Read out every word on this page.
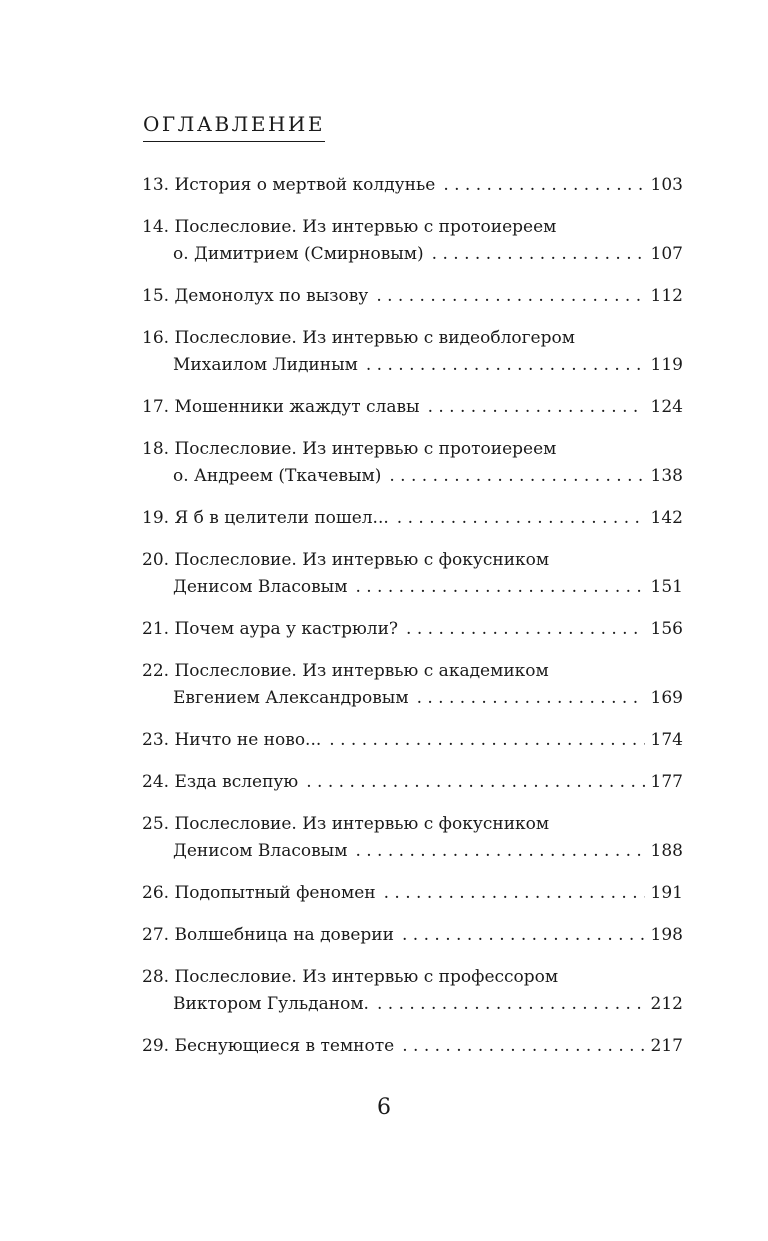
ОГЛАВЛЕНИЕ
13. История о мертвой колдунье . . .	103
14. Послесловие. Из интервью с протоиереем
о. Димитрием (Смирновым) . . .	107
15. Демонолух по вызову . . .	112
16. Послесловие. Из интервью с видеоблогером
Михаилом Лидиным . . .	119
17. Мошенники жаждут славы . . .	124
18. Послесловие. Из интервью с протоиереем
о. Андреем (Ткачевым) . . .	138
19. Я б в целители пошел... . . .	142
20. Послесловие. Из интервью с фокусником
Денисом Власовым . . .	151
21. Почем аура у кастрюли? . . .	156
22. Послесловие. Из интервью с академиком
Евгением Александровым . . .	169
23. Ничто не ново... . . .	174
24. Езда вслепую . . .	177
25. Послесловие. Из интервью с фокусником
Денисом Власовым . . .	188
26. Подопытный феномен . . .	191
27. Волшебница на доверии . . .	198
28. Послесловие. Из интервью с профессором
Виктором Гульданом. . . .	212
29. Беснующиеся в темноте . . .	217
6
